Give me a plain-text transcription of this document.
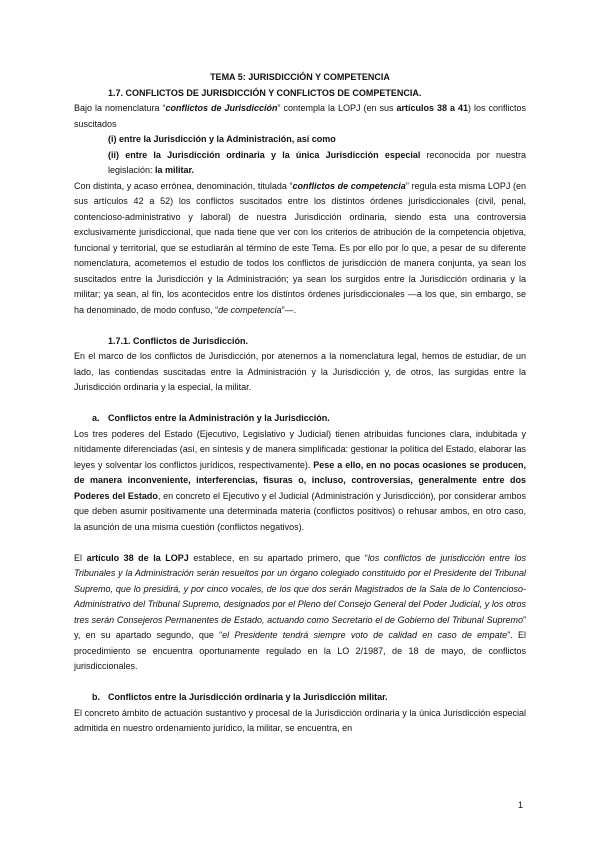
TEMA 5: JURISDICCIÓN Y COMPETENCIA

1.7. CONFLICTOS DE JURISDICCIÓN Y CONFLICTOS DE COMPETENCIA.

Bajo la nomenclatura “conflictos de Jurisdicción” contempla la LOPJ (en sus artículos 38 a 41) los conflictos suscitados

(i) entre la Jurisdicción y la Administración, así como

(ii) entre la Jurisdicción ordinaria y la única Jurisdicción especial reconocida por nuestra legislación: la militar.

Con distinta, y acaso errónea, denominación, titulada “conflictos de competencia” regula esta misma LOPJ (en sus artículos 42 a 52) los conflictos suscitados entre los distintos órdenes jurisdiccionales (civil, penal, contencioso-administrativo y laboral) de nuestra Jurisdicción ordinaria, siendo esta una controversia exclusivamente jurisdiccional, que nada tiene que ver con los criterios de atribución de la competencia objetiva, funcional y territorial, que se estudiarán al término de este Tema. Es por ello por lo que, a pesar de su diferente nomenclatura, acometemos el estudio de todos los conflictos de jurisdicción de manera conjunta, ya sean los suscitados entre la Jurisdicción y la Administración; ya sean los surgidos entre la Jurisdicción ordinaria y la militar; ya sean, al fin, los acontecidos entre los distintos órdenes jurisdiccionales —a los que, sin embargo, se ha denominado, de modo confuso, “de competencia”—.

1.7.1. Conflictos de Jurisdicción.

En el marco de los conflictos de Jurisdicción, por atenernos a la nomenclatura legal, hemos de estudiar, de un lado, las contiendas suscitadas entre la Administración y la Jurisdicción y, de otros, las surgidas entre la Jurisdicción ordinaria y la especial, la militar.

a. Conflictos entre la Administración y la Jurisdicción.

Los tres poderes del Estado (Ejecutivo, Legislativo y Judicial) tienen atribuidas funciones clara, indubitada y nítidamente diferenciadas (así, en síntesis y de manera simplificada: gestionar la política del Estado, elaborar las leyes y solventar los conflictos jurídicos, respectivamente). Pese a ello, en no pocas ocasiones se producen, de manera inconveniente, interferencias, fisuras o, incluso, controversias, generalmente entre dos Poderes del Estado, en concreto el Ejecutivo y el Judicial (Administración y Jurisdicción), por considerar ambos que deben asumir positivamente una determinada materia (conflictos positivos) o rehusar ambos, en otro caso, la asunción de una misma cuestión (conflictos negativos).

El artículo 38 de la LOPJ establece, en su apartado primero, que “los conflictos de jurisdicción entre los Tribunales y la Administración serán resueltos por un órgano colegiado constituido por el Presidente del Tribunal Supremo, que lo presidirá, y por cinco vocales, de los que dos serán Magistrados de la Sala de lo Contencioso-Administrativo del Tribunal Supremo, designados por el Pleno del Consejo General del Poder Judicial, y los otros tres serán Consejeros Permanentes de Estado, actuando como Secretario el de Gobierno del Tribunal Supremo” y, en su apartado segundo, que “el Presidente tendrá siempre voto de calidad en caso de empate”. El procedimiento se encuentra oportunamente regulado en la LO 2/1987, de 18 de mayo, de conflictos jurisdiccionales.

b. Conflictos entre la Jurisdicción ordinaria y la Jurisdicción militar.

El concreto ámbito de actuación sustantivo y procesal de la Jurisdicción ordinaria y la única Jurisdicción especial admitida en nuestro ordenamiento jurídico, la militar, se encuentra, en

1
